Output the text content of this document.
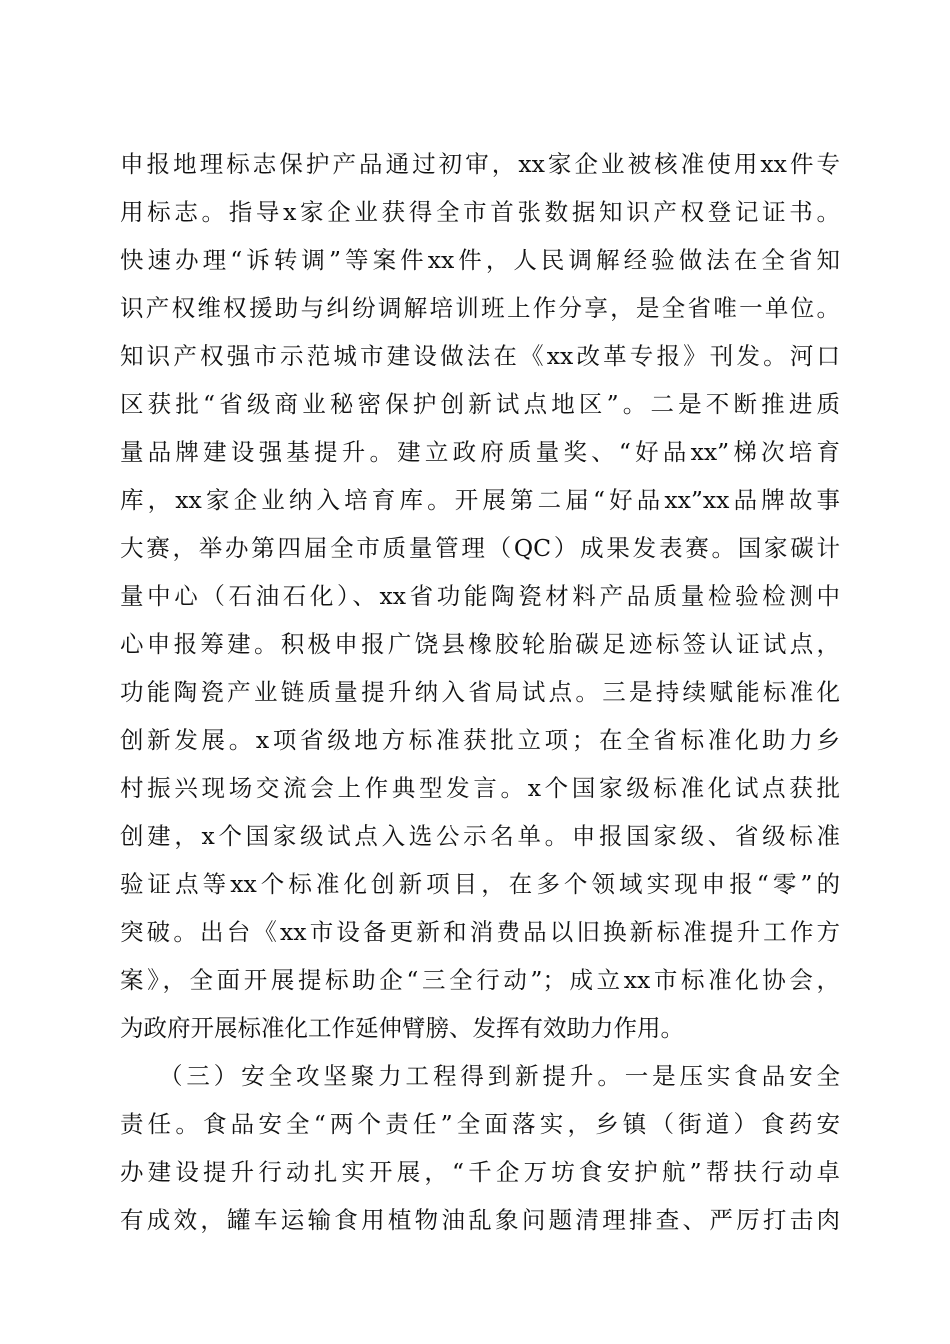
申报地理标志保护产品通过初审，xx家企业被核准使用xx件专
用标志。指导x家企业获得全市首张数据知识产权登记证书。
快速办理“诉转调”等案件xx件，人民调解经验做法在全省知
识产权维权援助与纠纷调解培训班上作分享，是全省唯一单位。
知识产权强市示范城市建设做法在《xx改革专报》刊发。河口
区获批“省级商业秘密保护创新试点地区”。二是不断推进质
量品牌建设强基提升。建立政府质量奖、“好品xx”梯次培育
库，xx家企业纳入培育库。开展第二届“好品xx”xx品牌故事
大赛，举办第四届全市质量管理（QC）成果发表赛。国家碳计
量中心（石油石化）、xx省功能陶瓷材料产品质量检验检测中
心申报筹建。积极申报广饶县橡胶轮胎碳足迹标签认证试点，
功能陶瓷产业链质量提升纳入省局试点。三是持续赋能标准化
创新发展。x项省级地方标准获批立项；在全省标准化助力乡
村振兴现场交流会上作典型发言。x个国家级标准化试点获批
创建，x个国家级试点入选公示名单。申报国家级、省级标准
验证点等xx个标准化创新项目，在多个领域实现申报“零”的
突破。出台《xx市设备更新和消费品以旧换新标准提升工作方
案》，全面开展提标助企“三全行动”；成立xx市标准化协会，
为政府开展标准化工作延伸臂膀、发挥有效助力作用。
（三）安全攻坚聚力工程得到新提升。一是压实食品安全
责任。食品安全“两个责任”全面落实，乡镇（街道）食药安
办建设提升行动扎实开展，“千企万坊食安护航”帮扶行动卓
有成效，罐车运输食用植物油乱象问题清理排查、严厉打击肉
